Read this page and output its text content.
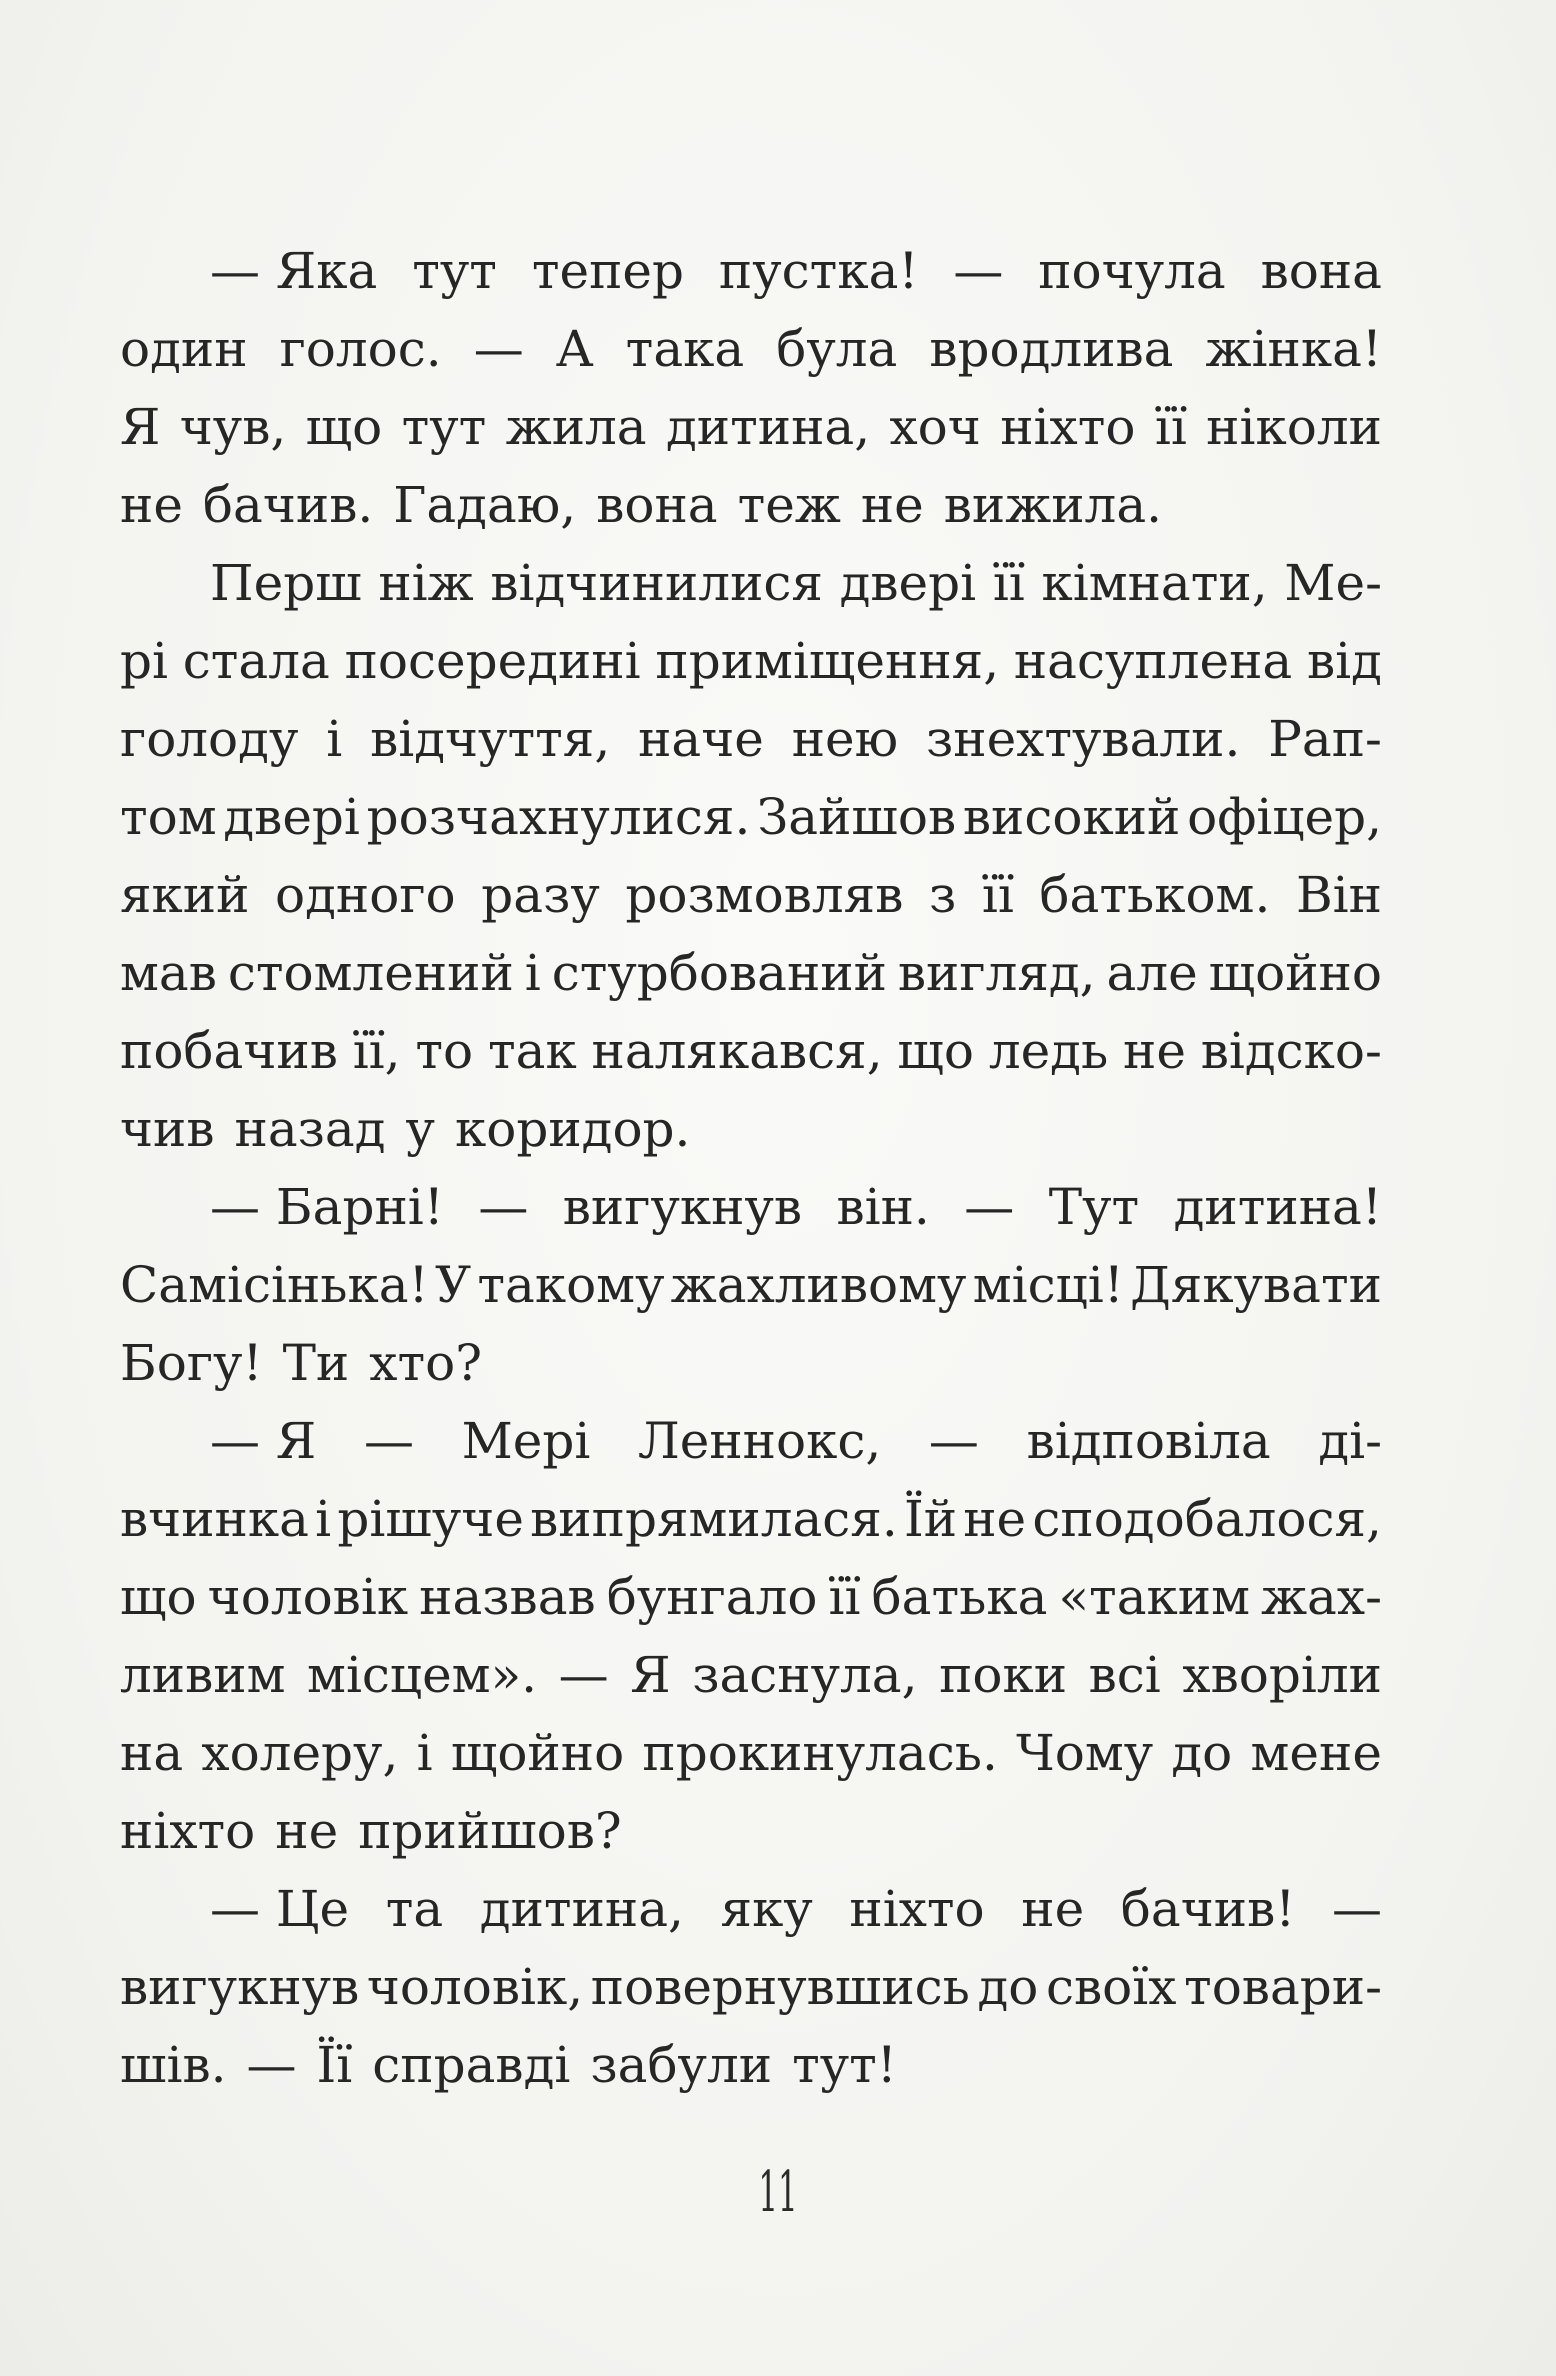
— Яка тут тепер пустка! — почула вона
один голос. — А така була вродлива жінка!
Я чув, що тут жила дитина, хоч ніхто її ніколи
не бачив. Гадаю, вона теж не вижила.
Перш ніж відчинилися двері її кімнати, Ме-
рі стала посередині приміщення, насуплена від
голоду і відчуття, наче нею знехтували. Рап-
том двері розчахнулися. Зайшов високий офіцер,
який одного разу розмовляв з її батьком. Він
мав стомлений і стурбований вигляд, але щойно
побачив її, то так налякався, що ледь не відско-
чив назад у коридор.
— Барні! — вигукнув він. — Тут дитина!
Самісінька! У такому жахливому місці! Дякувати
Богу! Ти хто?
— Я — Мері Леннокс, — відповіла ді-
вчинка і рішуче випрямилася. Їй не сподобалося,
що чоловік назвав бунгало її батька «таким жах-
ливим місцем». — Я заснула, поки всі хворіли
на холеру, і щойно прокинулась. Чому до мене
ніхто не прийшов?
— Це та дитина, яку ніхто не бачив! —
вигукнув чоловік, повернувшись до своїх товари-
шів. — Її справді забули тут!
11
